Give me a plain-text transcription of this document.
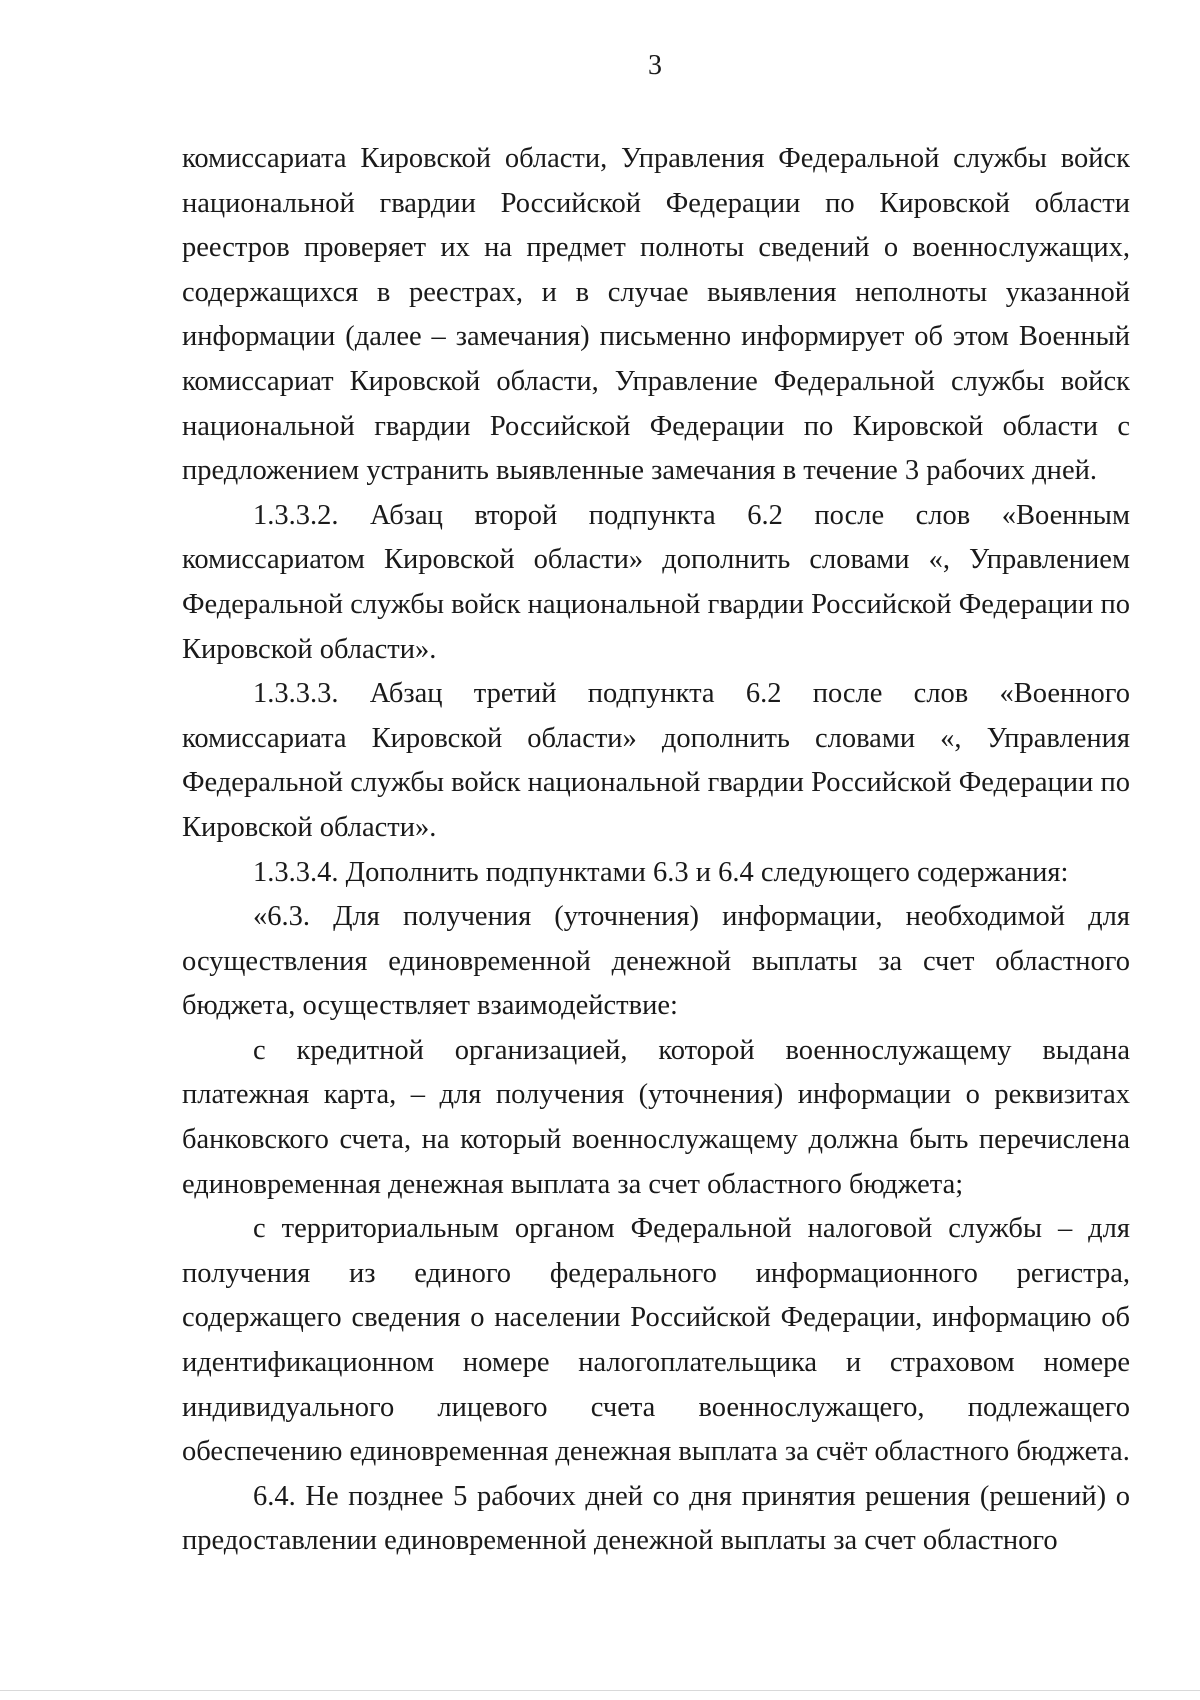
3

комиссариата Кировской области, Управления Федеральной службы войск национальной гвардии Российской Федерации по Кировской области реестров проверяет их на предмет полноты сведений о военнослужащих, содержащихся в реестрах, и в случае выявления неполноты указанной информации (далее – замечания) письменно информирует об этом Военный комиссариат Кировской области, Управление Федеральной службы войск национальной гвардии Российской Федерации по Кировской области с предложением устранить выявленные замечания в течение 3 рабочих дней.

1.3.3.2. Абзац второй подпункта 6.2 после слов «Военным комиссариатом Кировской области» дополнить словами «, Управлением Федеральной службы войск национальной гвардии Российской Федерации по Кировской области».

1.3.3.3. Абзац третий подпункта 6.2 после слов «Военного комиссариата Кировской области» дополнить словами «, Управления Федеральной службы войск национальной гвардии Российской Федерации по Кировской области».

1.3.3.4. Дополнить подпунктами 6.3 и 6.4 следующего содержания:

«6.3. Для получения (уточнения) информации, необходимой для осуществления единовременной денежной выплаты за счет областного бюджета, осуществляет взаимодействие:

с кредитной организацией, которой военнослужащему выдана платежная карта, – для получения (уточнения) информации о реквизитах банковского счета, на который военнослужащему должна быть перечислена единовременная денежная выплата за счет областного бюджета;

с территориальным органом Федеральной налоговой службы – для получения из единого федерального информационного регистра, содержащего сведения о населении Российской Федерации, информацию об идентификационном номере налогоплательщика и страховом номере индивидуального лицевого счета военнослужащего, подлежащего обеспечению единовременная денежная выплата за счёт областного бюджета.

6.4. Не позднее 5 рабочих дней со дня принятия решения (решений) о предоставлении единовременной денежной выплаты за счет областного
